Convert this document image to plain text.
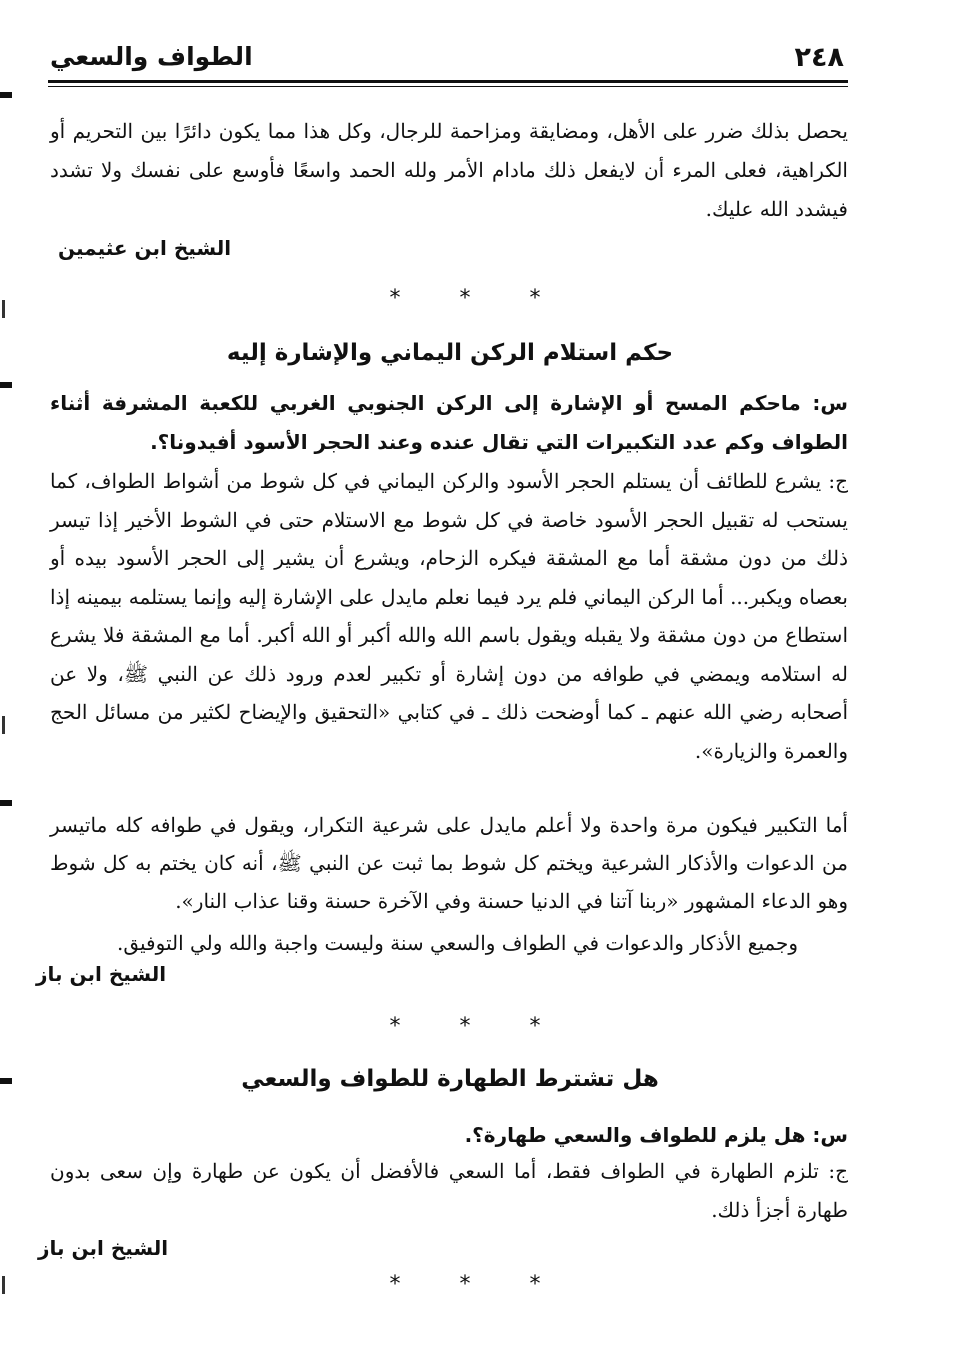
٢٤٨
الطواف والسعي
يحصل بذلك ضرر على الأهل، ومضايقة ومزاحمة للرجال، وكل هذا مما يكون دائرًا بين التحريم أو الكراهية، فعلى المرء أن لايفعل ذلك مادام الأمر ولله الحمد واسعًا فأوسع على نفسك ولا تشدد فيشدد الله عليك.
الشيخ ابن عثيمين
* * *
حكم استلام الركن اليماني والإشارة إليه
س: ماحكم المسح أو الإشارة إلى الركن الجنوبي الغربي للكعبة المشرفة أثناء الطواف وكم عدد التكبيرات التي تقال عنده وعند الحجر الأسود أفيدونا؟.
ج: يشرع للطائف أن يستلم الحجر الأسود والركن اليماني في كل شوط من أشواط الطواف، كما يستحب له تقبيل الحجر الأسود خاصة في كل شوط مع الاستلام حتى في الشوط الأخير إذا تيسر ذلك من دون مشقة أما مع المشقة فيكره الزحام، ويشرع أن يشير إلى الحجر الأسود بيده أو بعصاه ويكبر... أما الركن اليماني فلم يرد فيما نعلم مايدل على الإشارة إليه وإنما يستلمه بيمينه إذا استطاع من دون مشقة ولا يقبله ويقول باسم الله والله أكبر أو الله أكبر. أما مع المشقة فلا يشرع له استلامه ويمضي في طوافه من دون إشارة أو تكبير لعدم ورود ذلك عن النبي ﷺ، ولا عن أصحابه رضي الله عنهم ـ كما أوضحت ذلك ـ في كتابي «التحقيق والإيضاح لكثير من مسائل الحج والعمرة والزيارة».
أما التكبير فيكون مرة واحدة ولا أعلم مايدل على شرعية التكرار، ويقول في طوافه كله ماتيسر من الدعوات والأذكار الشرعية ويختم كل شوط بما ثبت عن النبي ﷺ، أنه كان يختم به كل شوط وهو الدعاء المشهور «ربنا آتنا في الدنيا حسنة وفي الآخرة حسنة وقنا عذاب النار».
وجميع الأذكار والدعوات في الطواف والسعي سنة وليست واجبة والله ولي التوفيق.
الشيخ ابن باز
* * *
هل تشترط الطهارة للطواف والسعي
س: هل يلزم للطواف والسعي طهارة؟.
ج: تلزم الطهارة في الطواف فقط، أما السعي فالأفضل أن يكون عن طهارة وإن سعى بدون طهارة أجزأ ذلك.
الشيخ ابن باز
* * *
